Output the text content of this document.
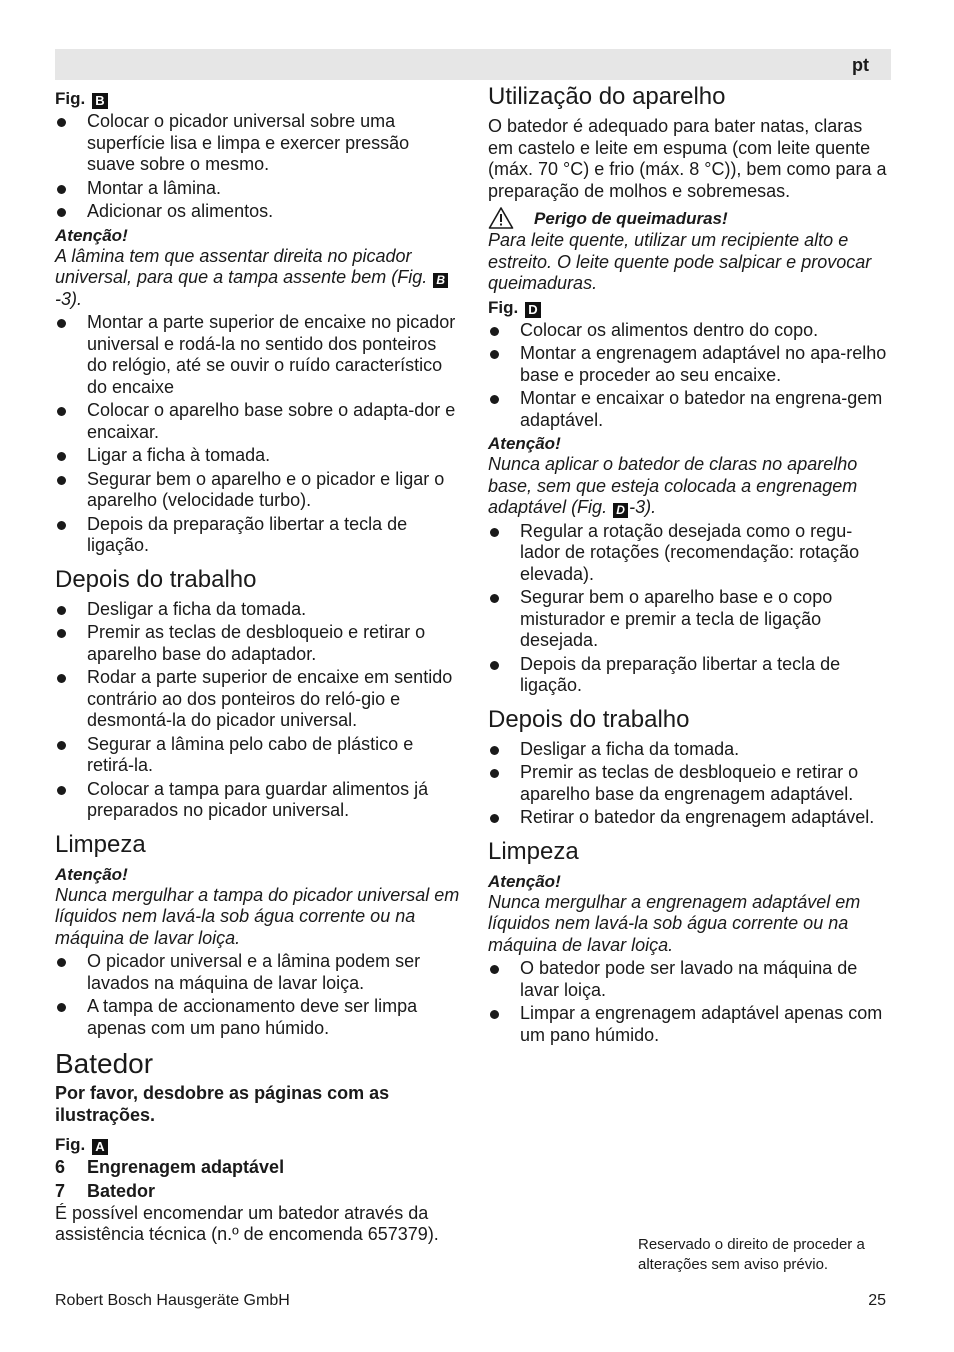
pt
Fig. B
Colocar o picador universal sobre uma superfície lisa e limpa e exercer pressão suave sobre o mesmo.
Montar a lâmina.
Adicionar os alimentos.
Atenção!

A lâmina tem que assentar direita no picador universal, para que a tampa assente bem (Fig. B-3).

Montar a parte superior de encaixe no picador universal e rodá-la no sentido dos ponteiros do relógio, até se ouvir o ruído característico do encaixe
Colocar o aparelho base sobre o adapta-dor e encaixar.
Ligar a ficha à tomada.
Segurar bem o aparelho e o picador e ligar o aparelho (velocidade turbo).
Depois da preparação libertar a tecla de ligação.
Depois do trabalho
Desligar a ficha da tomada.
Premir as teclas de desbloqueio e retirar o aparelho base do adaptador.
Rodar a parte superior de encaixe em sentido contrário ao dos ponteiros do reló-gio e desmontá-la do picador universal.
Segurar a lâmina pelo cabo de plástico e retirá-la.
Colocar a tampa para guardar alimentos já preparados no picador universal.
Limpeza
Atenção!

Nunca mergulhar a tampa do picador universal em líquidos nem lavá-la sob água corrente ou na máquina de lavar loiça.

O picador universal e a lâmina podem ser lavados na máquina de lavar loiça.
A tampa de accionamento deve ser limpa apenas com um pano húmido.
Batedor

Por favor, desdobre as páginas com as ilustrações.

Fig. A
6 Engrenagem adaptável
7 Batedor

É possível encomendar um batedor através da assistência técnica (n.º de encomenda 657379).

Utilização do aparelho

O batedor é adequado para bater natas, claras em castelo e leite em espuma (com leite quente (máx. 70 °C) e frio (máx. 8 °C)), bem como para a preparação de molhos e sobremesas.

Perigo de queimaduras!

Para leite quente, utilizar um recipiente alto e estreito. O leite quente pode salpicar e provocar queimaduras.

Fig. D
Colocar os alimentos dentro do copo.
Montar a engrenagem adaptável no apa-relho base e proceder ao seu encaixe.
Montar e encaixar o batedor na engrena-gem adaptável.
Atenção!

Nunca aplicar o batedor de claras no aparelho base, sem que esteja colocada a engrenagem adaptável (Fig. D -3).

Regular a rotação desejada como o regu-lador de rotações (recomendação: rotação elevada).
Segurar bem o aparelho base e o copo misturador e premir a tecla de ligação desejada.
Depois da preparação libertar a tecla de ligação.
Depois do trabalho
Desligar a ficha da tomada.
Premir as teclas de desbloqueio e retirar o aparelho base da engrenagem adaptável.
Retirar o batedor da engrenagem adaptável.
Limpeza
Atenção!

Nunca mergulhar a engrenagem adaptável em líquidos nem lavá-la sob água corrente ou na máquina de lavar loiça.

O batedor pode ser lavado na máquina de lavar loiça.
Limpar a engrenagem adaptável apenas com um pano húmido.
Reservado o direito de proceder a alterações sem aviso prévio.
Robert Bosch Hausgeräte GmbH	25
